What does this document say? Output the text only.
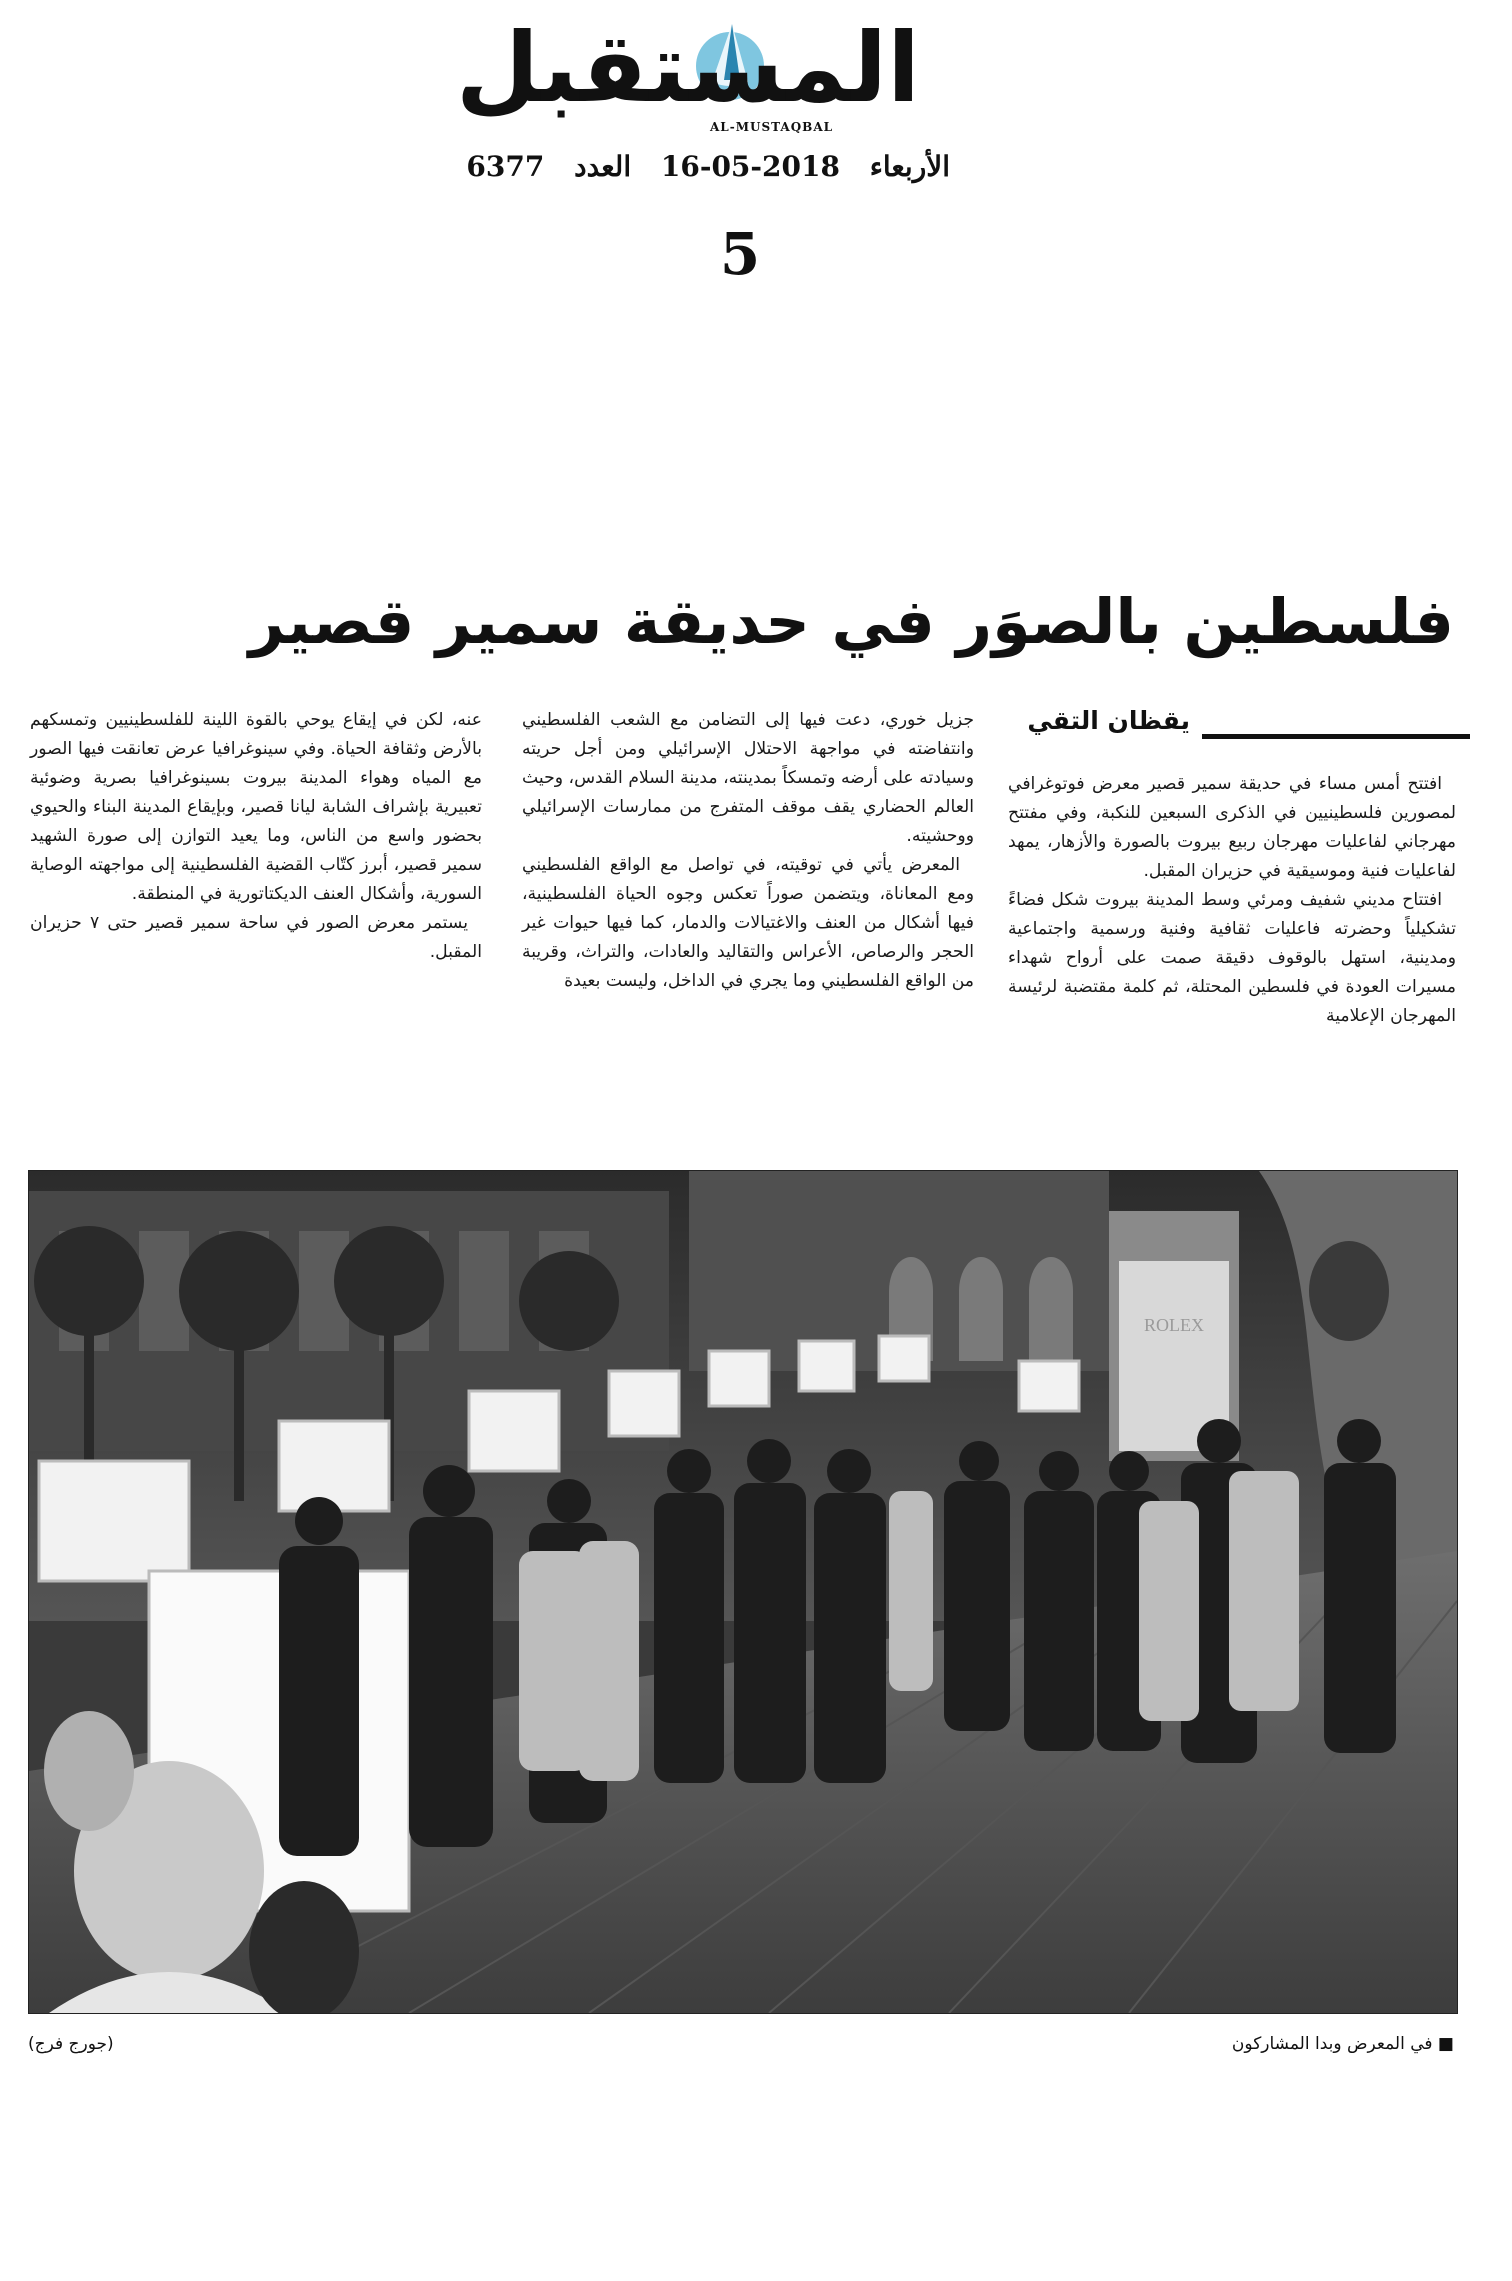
المستقبل
AL-MUSTAQBAL
الأربعاء 2018-05-16 العدد 6377
5
فلسطين بالصوَر في حديقة سمير قصير
يقظان التقي

افتتح أمس مساء في حديقة سمير قصير معرض فوتوغرافي لمصورين فلسطينيين في الذكرى السبعين للنكبة، وفي مفتتح مهرجاني لفاعليات مهرجان ربيع بيروت بالصورة والأزهار، يمهد لفاعليات فنية وموسيقية في حزيران المقبل.

افتتاح مديني شفيف ومرئي وسط المدينة بيروت شكل فضاءً تشكيلياً وحضرته فاعليات ثقافية وفنية ورسمية واجتماعية ومدينية، استهل بالوقوف دقيقة صمت على أرواح شهداء مسيرات العودة في فلسطين المحتلة، ثم كلمة مقتضبة لرئيسة المهرجان الإعلامية

جزيل خوري، دعت فيها إلى التضامن مع الشعب الفلسطيني وانتفاضته في مواجهة الاحتلال الإسرائيلي ومن أجل حريته وسيادته على أرضه وتمسكاً بمدينته، مدينة السلام القدس، وحيث العالم الحضاري يقف موقف المتفرج من ممارسات الإسرائيلي ووحشيته.

المعرض يأتي في توقيته، في تواصل مع الواقع الفلسطيني ومع المعاناة، ويتضمن صوراً تعكس وجوه الحياة الفلسطينية، فيها أشكال من العنف والاغتيالات والدمار، كما فيها حيوات غير الحجر والرصاص، الأعراس والتقاليد والعادات، والتراث، وقريبة من الواقع الفلسطيني وما يجري في الداخل، وليست بعيدة

عنه، لكن في إيقاع يوحي بالقوة اللينة للفلسطينيين وتمسكهم بالأرض وثقافة الحياة. وفي سينوغرافيا عرض تعانقت فيها الصور مع المياه وهواء المدينة بيروت بسينوغرافيا بصرية وضوئية تعبيرية بإشراف الشابة ليانا قصير، وبإيقاع المدينة البناء والحيوي بحضور واسع من الناس، وما يعيد التوازن إلى صورة الشهيد سمير قصير، أبرز كتّاب القضية الفلسطينية إلى مواجهته الوصاية السورية، وأشكال العنف الديكتاتورية في المنطقة.

يستمر معرض الصور في ساحة سمير قصير حتى ٧ حزيران المقبل.

ROLEX
■ في المعرض وبدا المشاركون
(جورج فرج)
